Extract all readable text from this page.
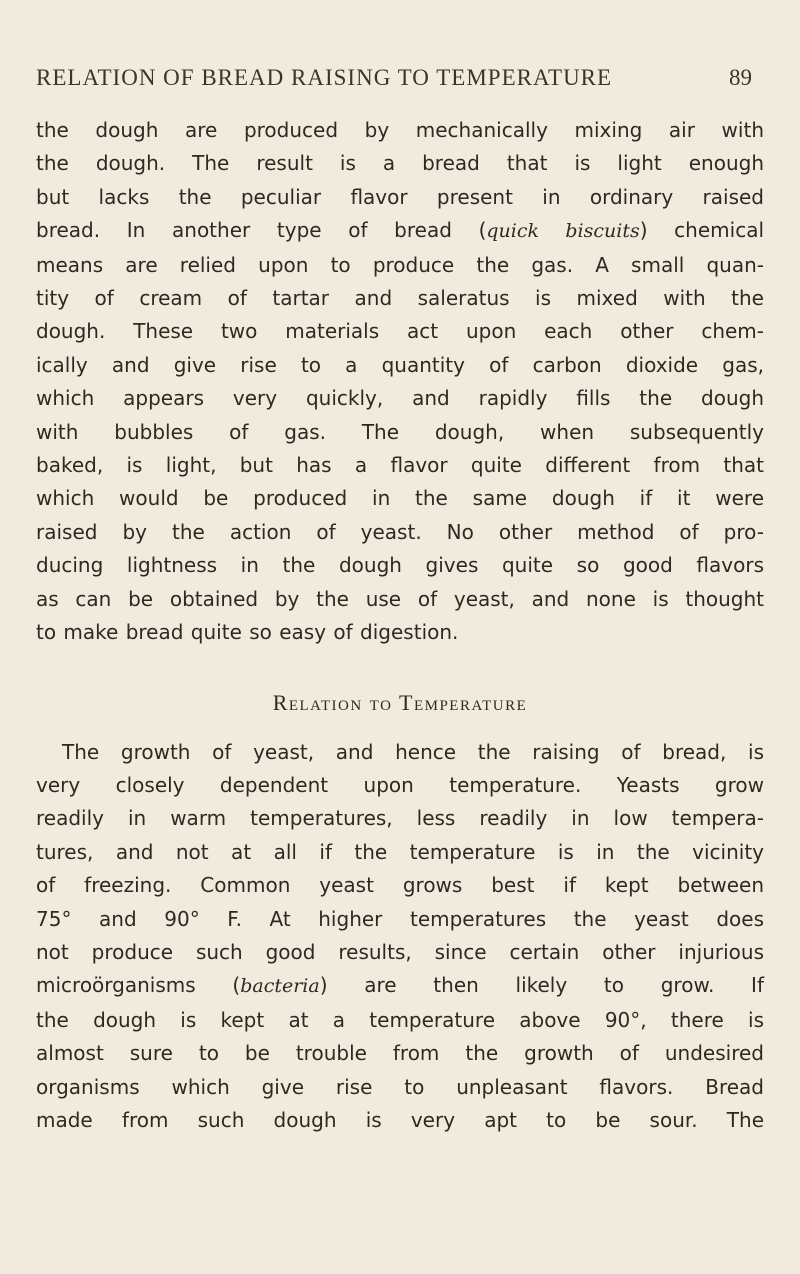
RELATION OF BREAD RAISING TO TEMPERATURE	89

the dough are produced by mechanically mixing air with
the dough. The result is a bread that is light enough
but lacks the peculiar flavor present in ordinary raised
bread. In another type of bread (quick biscuits) chemical
means are relied upon to produce the gas. A small quan-
tity of cream of tartar and saleratus is mixed with the
dough. These two materials act upon each other chem-
ically and give rise to a quantity of carbon dioxide gas,
which appears very quickly, and rapidly fills the dough
with bubbles of gas. The dough, when subsequently
baked, is light, but has a flavor quite different from that
which would be produced in the same dough if it were
raised by the action of yeast. No other method of pro-
ducing lightness in the dough gives quite so good flavors
as can be obtained by the use of yeast, and none is thought
to make bread quite so easy of digestion.

Relation to Temperature

The growth of yeast, and hence the raising of bread, is
very closely dependent upon temperature. Yeasts grow
readily in warm temperatures, less readily in low tempera-
tures, and not at all if the temperature is in the vicinity
of freezing. Common yeast grows best if kept between
75° and 90° F. At higher temperatures the yeast does
not produce such good results, since certain other injurious
microörganisms (bacteria) are then likely to grow. If
the dough is kept at a temperature above 90°, there is
almost sure to be trouble from the growth of undesired
organisms which give rise to unpleasant flavors. Bread
made from such dough is very apt to be sour. The
